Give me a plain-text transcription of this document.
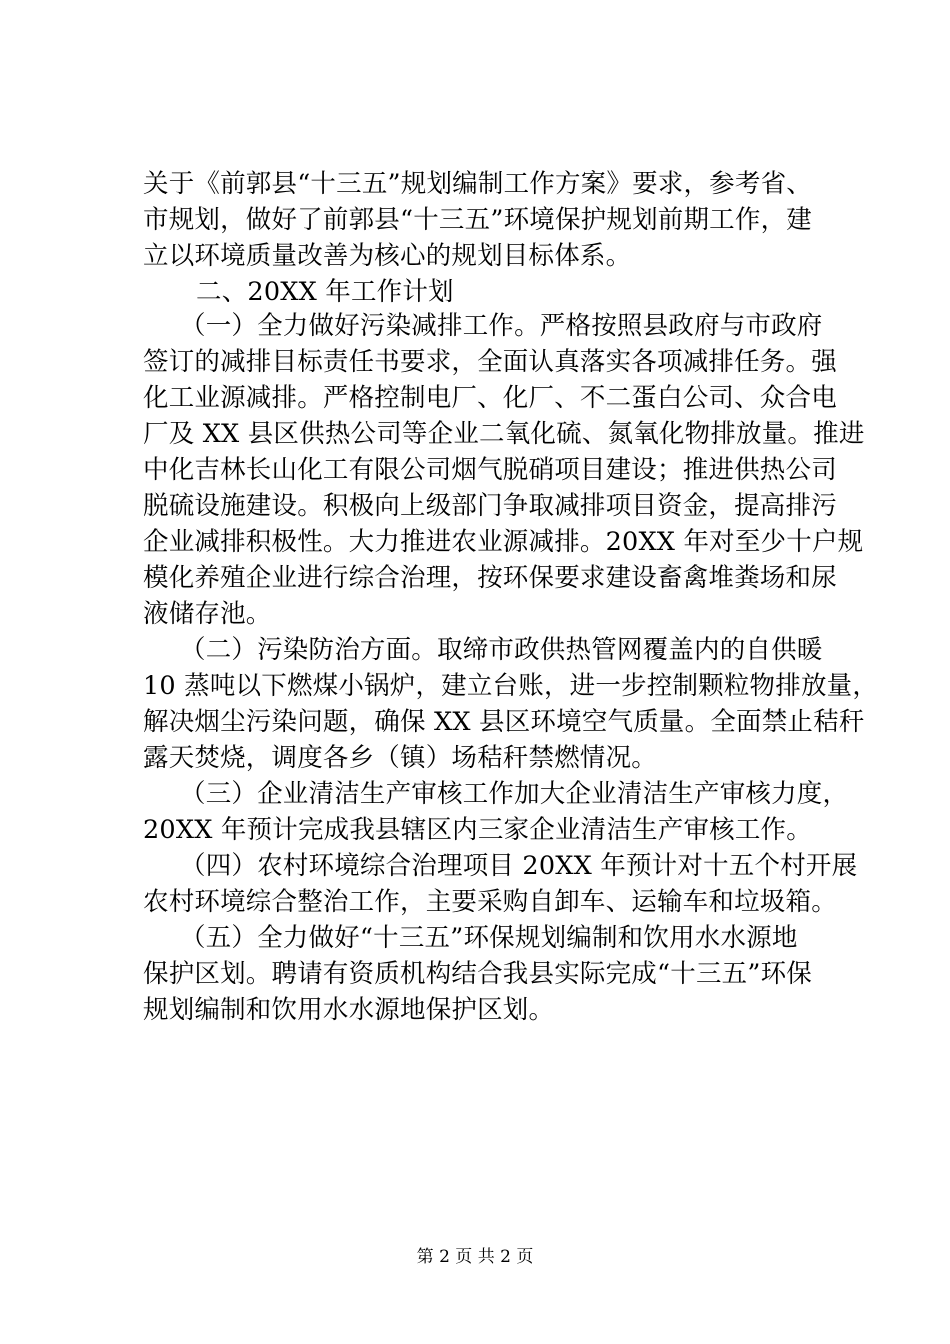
关于《前郭县“十三五”规划编制工作方案》要求，参考省、
市规划，做好了前郭县“十三五”环境保护规划前期工作，建
立以环境质量改善为核心的规划目标体系。
二、20XX 年工作计划
（一）全力做好污染减排工作。严格按照县政府与市政府
签订的减排目标责任书要求，全面认真落实各项减排任务。强
化工业源减排。严格控制电厂、化厂、不二蛋白公司、众合电
厂及 XX 县区供热公司等企业二氧化硫、氮氧化物排放量。推进
中化吉林长山化工有限公司烟气脱硝项目建设；推进供热公司
脱硫设施建设。积极向上级部门争取减排项目资金，提高排污
企业减排积极性。大力推进农业源减排。20XX 年对至少十户规
模化养殖企业进行综合治理，按环保要求建设畜禽堆粪场和尿
液储存池。
（二）污染防治方面。取缔市政供热管网覆盖内的自供暖
10 蒸吨以下燃煤小锅炉，建立台账，进一步控制颗粒物排放量，
解决烟尘污染问题，确保 XX 县区环境空气质量。全面禁止秸秆
露天焚烧，调度各乡（镇）场秸秆禁燃情况。
（三）企业清洁生产审核工作加大企业清洁生产审核力度，
20XX 年预计完成我县辖区内三家企业清洁生产审核工作。
（四）农村环境综合治理项目 20XX 年预计对十五个村开展
农村环境综合整治工作，主要采购自卸车、运输车和垃圾箱。
（五）全力做好“十三五”环保规划编制和饮用水水源地
保护区划。聘请有资质机构结合我县实际完成“十三五”环保
规划编制和饮用水水源地保护区划。
第 2 页 共 2 页
